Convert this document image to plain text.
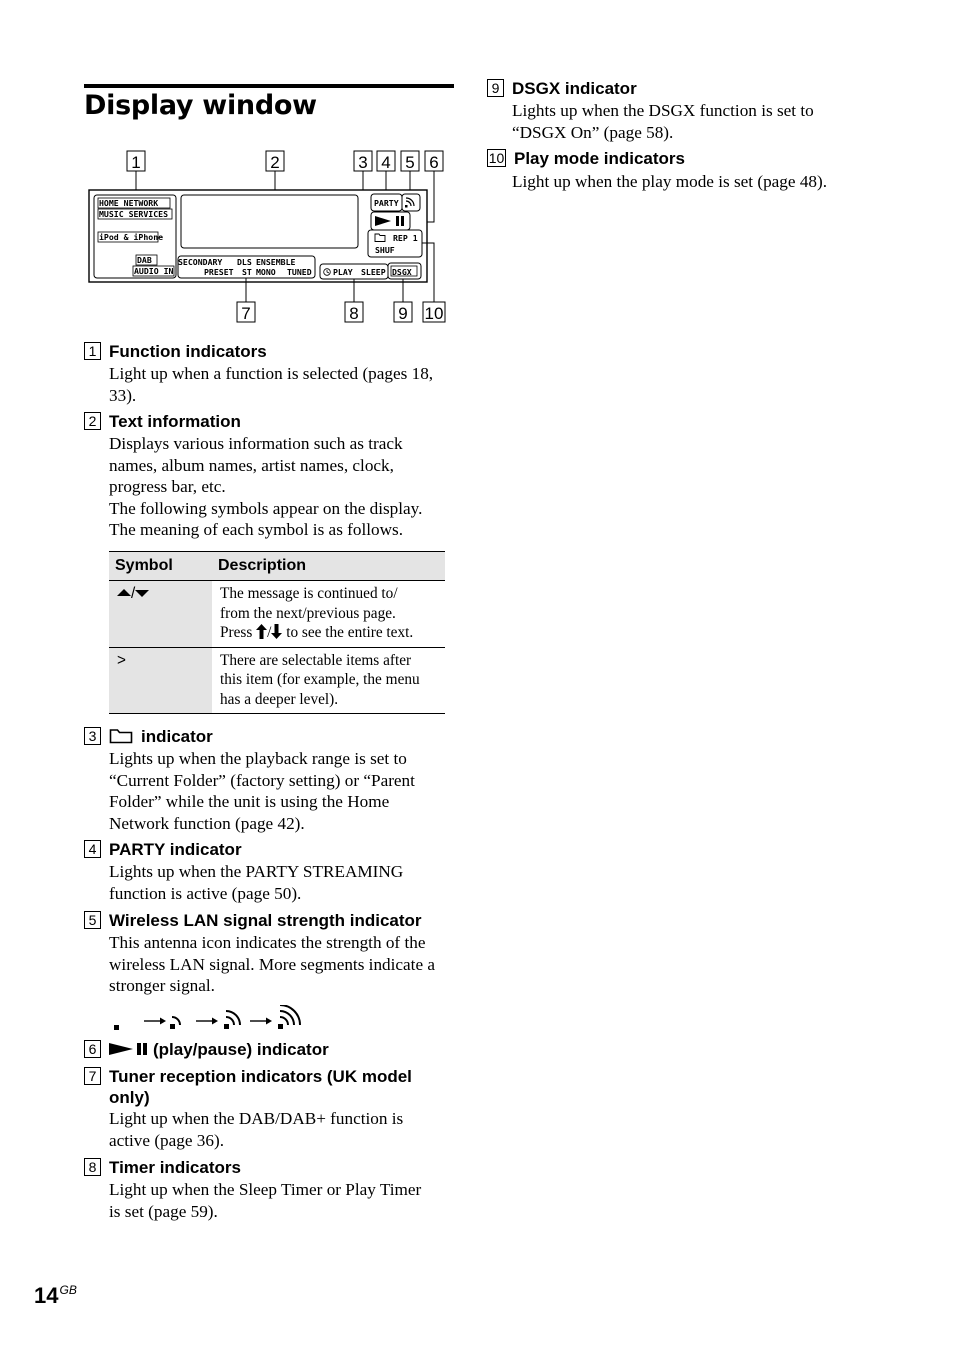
Display window
1	2	3 4 5 6
HOME NETWORK
MUSIC SERVICES
iPod & iPhone
DAB
AUDIO IN
SECONDARY DLS ENSEMBLE
PRESET ST MONO TUNED	PLAY SLEEP DSGX
PARTY
REP 1
SHUF
7	8 9 10
1 Function indicators

Light up when a function is selected (pages 18,

33).

2 Text information

Displays various information such as track

names, album names, artist names, clock,

progress bar, etc.

The following symbols appear on the display.

The meaning of each symbol is as follows.

Symbol	Description
/	The message is continued to/
from the next/previous page.
Press / to see the entire text.

>	There are selectable items after
this item (for example, the menu
has a deeper level).
3	indicator

Lights up when the playback range is set to

“Current Folder” (factory setting) or “Parent

Folder” while the unit is using the Home

Network function (page 42).

4 PARTY indicator

Lights up when the PARTY STREAMING

function is active (page 50).

5 Wireless LAN signal strength indicator

This antenna icon indicates the strength of the

wireless LAN signal. More segments indicate a

stronger signal.

6	(play/pause) indicator
7 Tuner reception indicators (UK model
only)

Light up when the DAB/DAB+ function is

active (page 36).

8 Timer indicators

Light up when the Sleep Timer or Play Timer

is set (page 59).

9 DSGX indicator

Lights up when the DSGX function is set to

“DSGX On” (page 58).

10 Play mode indicators

Light up when the play mode is set (page 48).

$14^{GB}$
